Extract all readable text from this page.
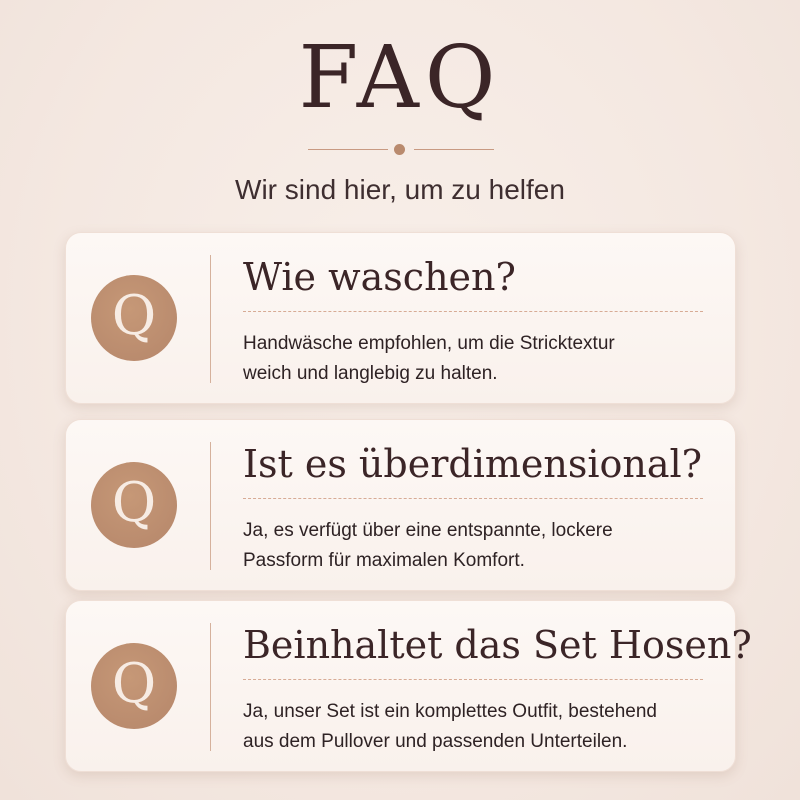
FAQ
Wir sind hier, um zu helfen
Q
Wie waschen?
Handwäsche empfohlen, um die Stricktextur
weich und langlebig zu halten.
Q
Ist es überdimensional?
Ja, es verfügt über eine entspannte, lockere
Passform für maximalen Komfort.
Q
Beinhaltet das Set Hosen?
Ja, unser Set ist ein komplettes Outfit, bestehend
aus dem Pullover und passenden Unterteilen.
